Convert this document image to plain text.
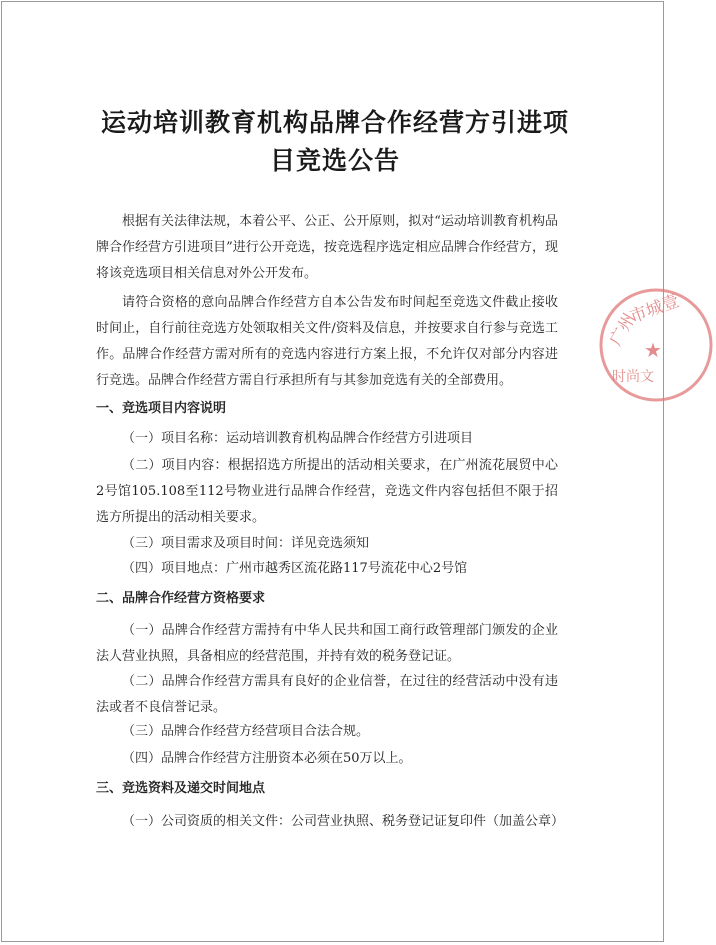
运动培训教育机构品牌合作经营方引进项目竞选公告

根据有关法律法规，本着公平、公正、公开原则，拟对“运动培训教育机构品牌合作经营方引进项目”进行公开竞选，按竞选程序选定相应品牌合作经营方，现将该竞选项目相关信息对外公开发布。

请符合资格的意向品牌合作经营方自本公告发布时间起至竞选文件截止接收时间止，自行前往竞选方处领取相关文件/资料及信息，并按要求自行参与竞选工作。品牌合作经营方需对所有的竞选内容进行方案上报，不允许仅对部分内容进行竞选。品牌合作经营方需自行承担所有与其参加竞选有关的全部费用。

一、竞选项目内容说明

（一）项目名称：运动培训教育机构品牌合作经营方引进项目

（二）项目内容：根据招选方所提出的活动相关要求，在广州流花展贸中心2号馆105.108至112号物业进行品牌合作经营，竞选文件内容包括但不限于招选方所提出的活动相关要求。

（三）项目需求及项目时间：详见竞选须知

（四）项目地点：广州市越秀区流花路117号流花中心2号馆

二、品牌合作经营方资格要求

（一）品牌合作经营方需持有中华人民共和国工商行政管理部门颁发的企业法人营业执照，具备相应的经营范围，并持有效的税务登记证。

（二）品牌合作经营方需具有良好的企业信誉，在过往的经营活动中没有违法或者不良信誉记录。

（三）品牌合作经营方经营项目合法合规。

（四）品牌合作经营方注册资本必须在50万以上。

三、竞选资料及递交时间地点

（一）公司资质的相关文件：公司营业执照、税务登记证复印件（加盖公章）

广州
市城壹
时尚文
★
